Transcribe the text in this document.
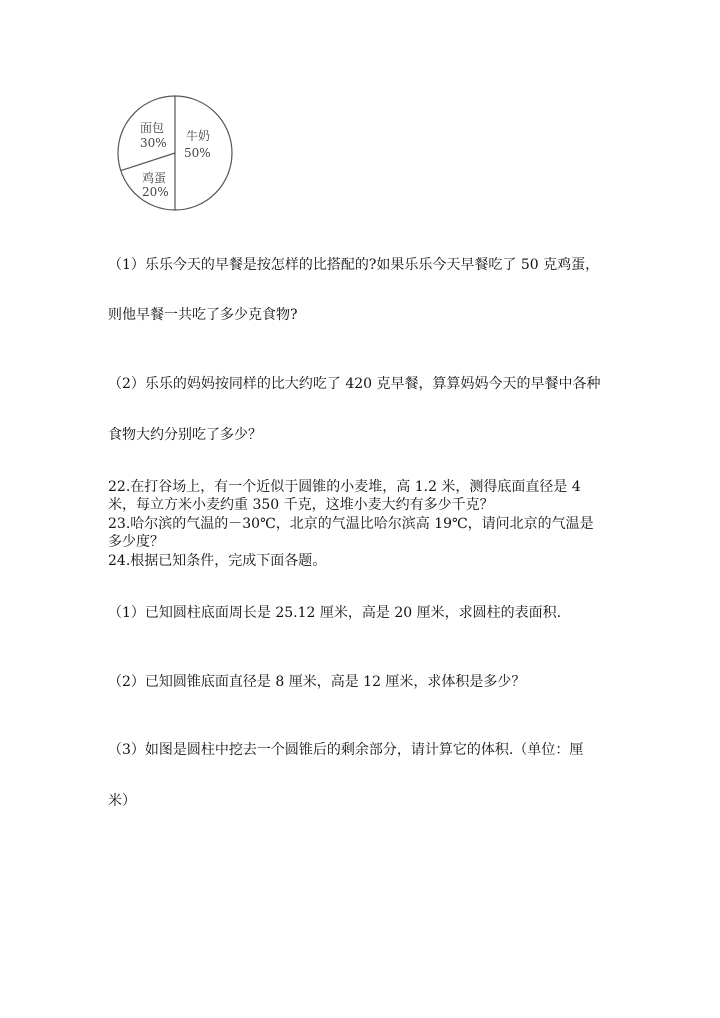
牛奶
50%
面包
30%
鸡蛋
20%
（1）乐乐今天的早餐是按怎样的比搭配的?如果乐乐今天早餐吃了 50 克鸡蛋，
则他早餐一共吃了多少克食物?
（2）乐乐的妈妈按同样的比大约吃了 420 克早餐，算算妈妈今天的早餐中各种
食物大约分别吃了多少？
22.在打谷场上，有一个近似于圆锥的小麦堆，高 1.2 米，测得底面直径是 4
米，每立方米小麦约重 350 千克，这堆小麦大约有多少千克？
23.哈尔滨的气温的－30℃，北京的气温比哈尔滨高 19℃，请问北京的气温是
多少度？
24.根据已知条件，完成下面各题。
（1）已知圆柱底面周长是 25.12 厘米，高是 20 厘米，求圆柱的表面积.
（2）已知圆锥底面直径是 8 厘米，高是 12 厘米，求体积是多少？
（3）如图是圆柱中挖去一个圆锥后的剩余部分，请计算它的体积.（单位：厘
米）
